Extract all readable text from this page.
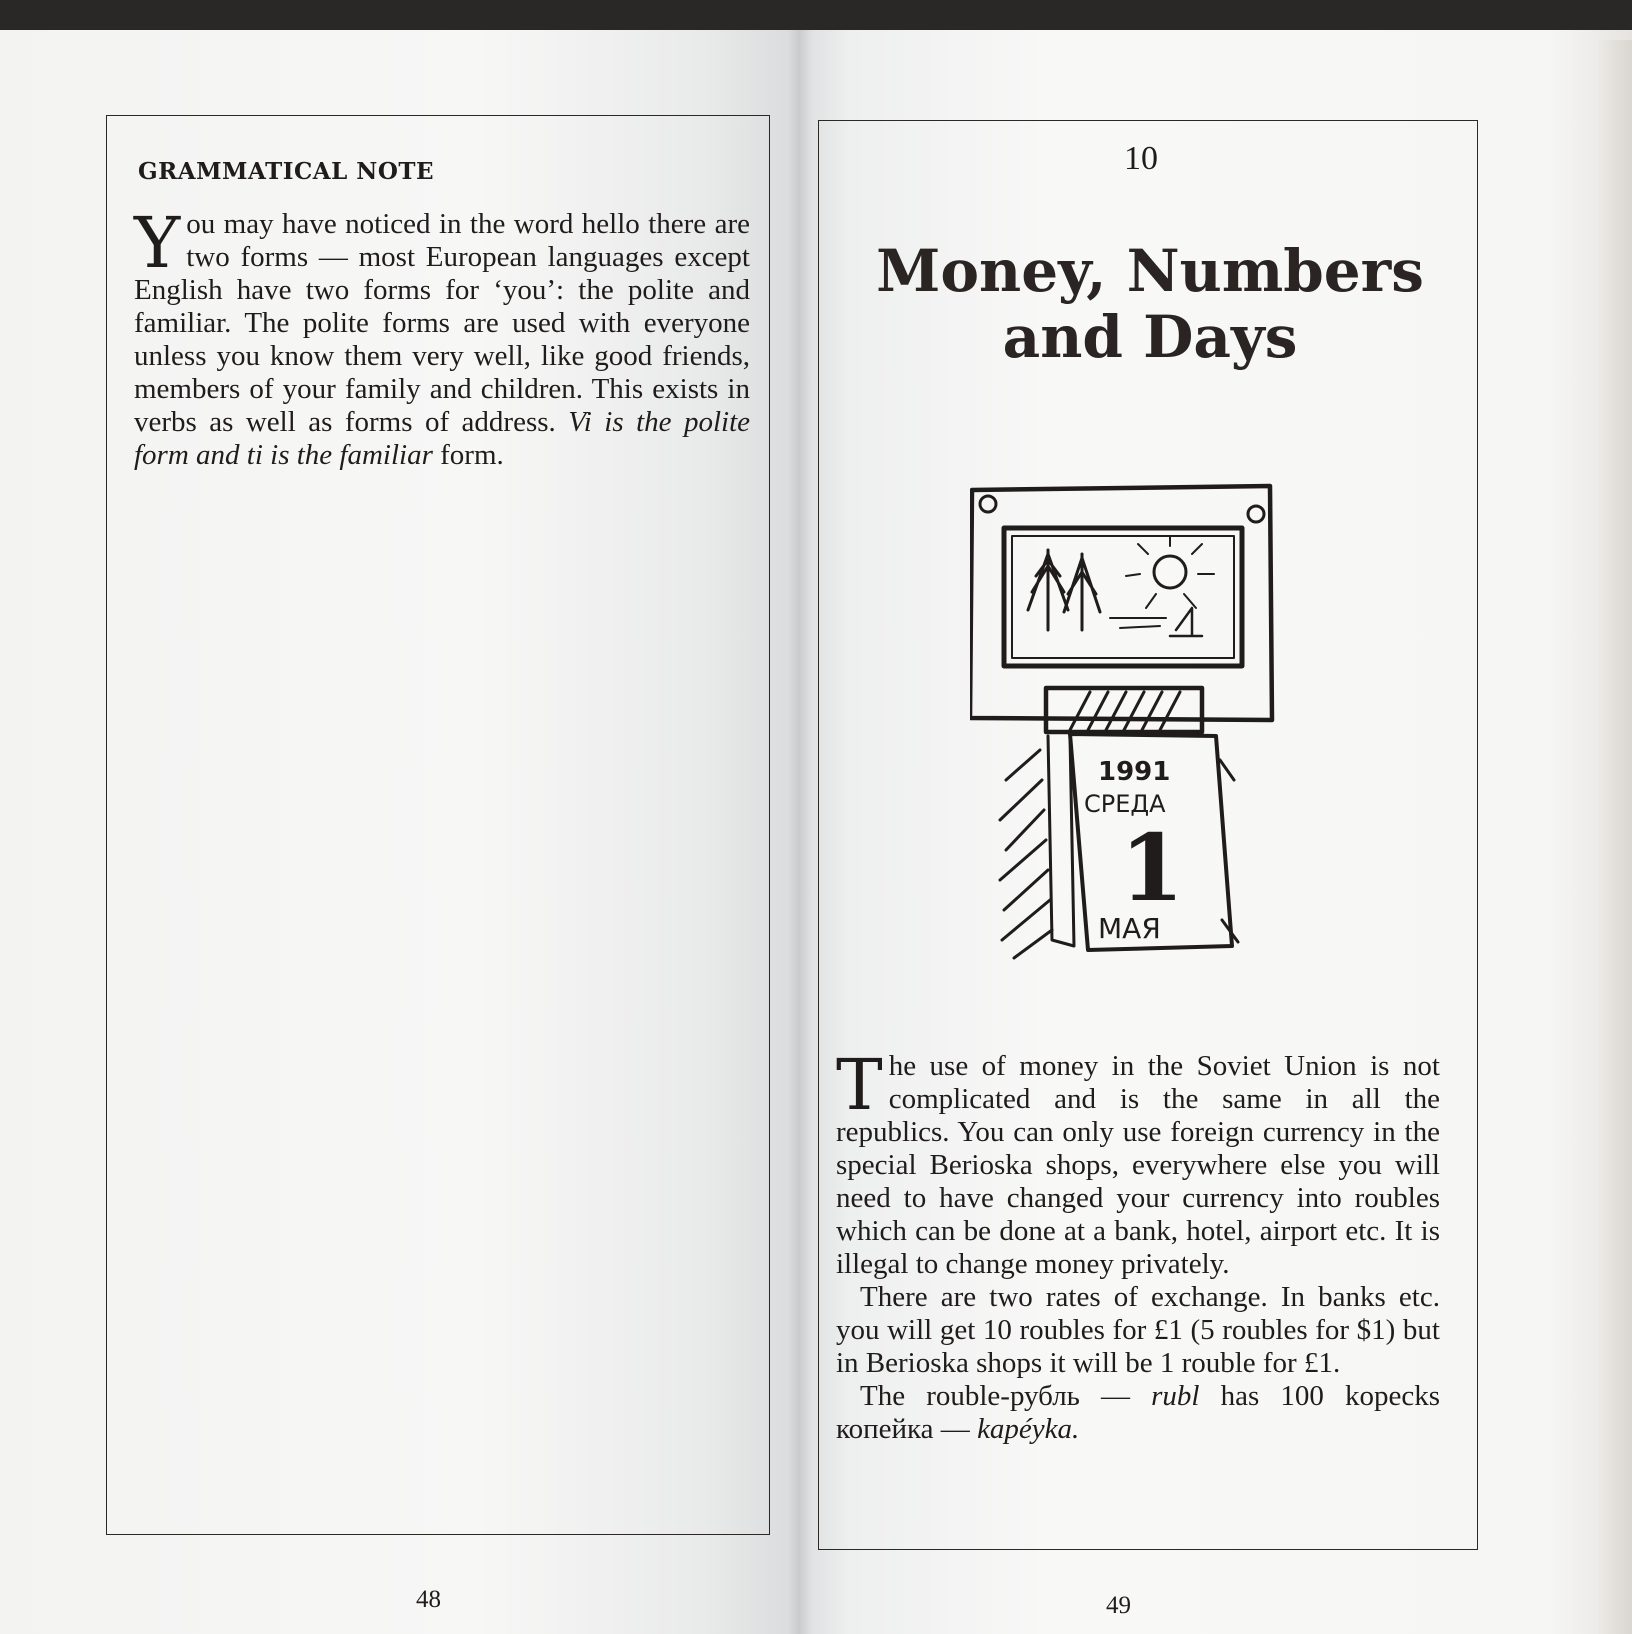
GRAMMATICAL NOTE
You may have noticed in the word hello there are two forms — most European languages except English have two forms for ‘you’: the polite and familiar. The polite forms are used with everyone unless you know them very well, like good friends, members of your family and children. This exists in verbs as well as forms of address. Vi is the polite form and ti is the familiar form.
48
10
Money, Numbers
and Days
1991
СРЕДА
1
МАЯ

The use of money in the Soviet Union is not complicated and is the same in all the republics. You can only use foreign currency in the special Berioska shops, everywhere else you will need to have changed your currency into roubles which can be done at a bank, hotel, airport etc. It is illegal to change money privately.

There are two rates of exchange. In banks etc. you will get 10 roubles for £1 (5 roubles for $1) but in Berioska shops it will be 1 rouble for £1.

The rouble-рубль — rubl has 100 kopecks копейка — kapéyka.

49
